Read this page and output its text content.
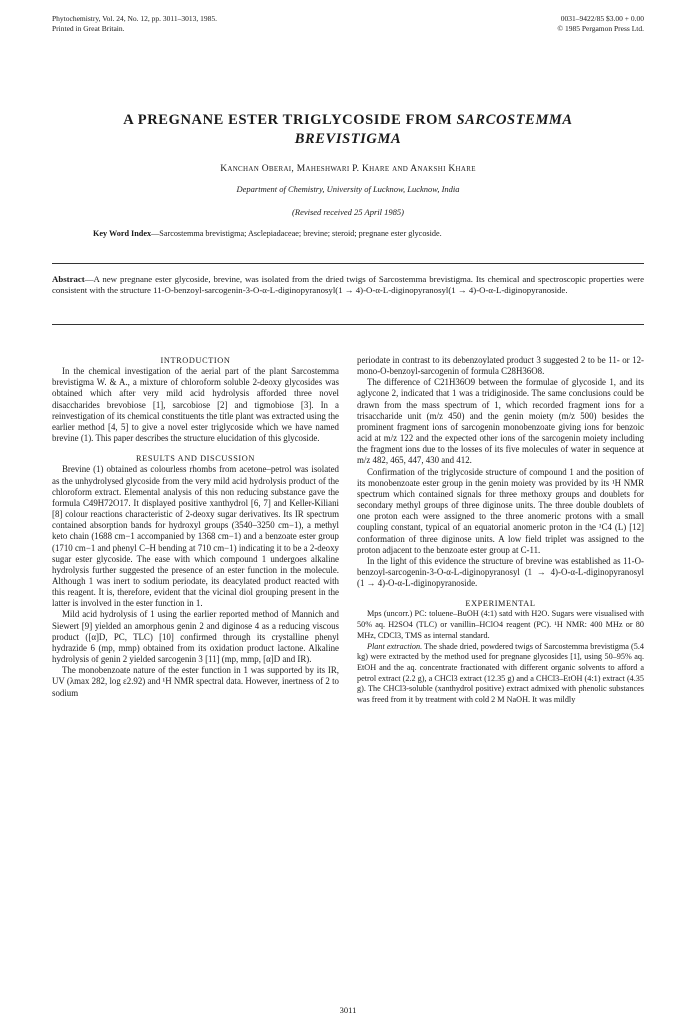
Phytochemistry, Vol. 24, No. 12, pp. 3011–3013, 1985.
Printed in Great Britain.
0031–9422/85 $3.00 + 0.00
© 1985 Pergamon Press Ltd.
A PREGNANE ESTER TRIGLYCOSIDE FROM SARCOSTEMMA
BREVISTIGMA
Kanchan Oberai, Maheshwari P. Khare and Anakshi Khare
Department of Chemistry, University of Lucknow, Lucknow, India
(Revised received 25 April 1985)
Key Word Index—Sarcostemma brevistigma; Asclepiadaceae; brevine; steroid; pregnane ester glycoside.
Abstract—A new pregnane ester glycoside, brevine, was isolated from the dried twigs of Sarcostemma brevistigma. Its chemical and spectroscopic properties were consistent with the structure 11-O-benzoyl-sarcogenin-3-O-α-L-diginopyranosyl(1 → 4)-O-α-L-diginopyranosyl(1 → 4)-O-α-L-diginopyranoside.

INTRODUCTION

In the chemical investigation of the aerial part of the plant Sarcostemma brevistigma W. & A., a mixture of chloroform soluble 2-deoxy glycosides was obtained which after very mild acid hydrolysis afforded three novel disaccharides brevobiose [1], sarcobiose [2] and tigmobiose [3]. In a reinvestigation of its chemical constituents the title plant was extracted using the earlier method [4, 5] to give a novel ester triglycoside which we have named brevine (1). This paper describes the structure elucidation of this glycoside.

RESULTS AND DISCUSSION

Brevine (1) obtained as colourless rhombs from acetone–petrol was isolated as the unhydrolysed glycoside from the very mild acid hydrolysis product of the chloroform extract. Elemental analysis of this non reducing substance gave the formula C49H72O17. It displayed positive xanthydrol [6, 7] and Keller-Kiliani [8] colour reactions characteristic of 2-deoxy sugar derivatives. Its IR spectrum contained absorption bands for hydroxyl groups (3540–3250 cm−1), a methyl keto chain (1688 cm−1 accompanied by 1368 cm−1) and a benzoate ester group (1710 cm−1 and phenyl C–H bending at 710 cm−1) indicating it to be a 2-deoxy sugar ester glycoside. The ease with which compound 1 undergoes alkaline hydrolysis further suggested the presence of an ester function in the molecule. Although 1 was inert to sodium periodate, its deacylated product reacted with this reagent. It is, therefore, evident that the vicinal diol grouping present in the latter is involved in the ester function in 1.

Mild acid hydrolysis of 1 using the earlier reported method of Mannich and Siewert [9] yielded an amorphous genin 2 and diginose 4 as a reducing viscous product ([α]D, PC, TLC) [10] confirmed through its crystalline phenyl hydrazide 6 (mp, mmp) obtained from its oxidation product lactone. Alkaline hydrolysis of genin 2 yielded sarcogenin 3 [11] (mp, mmp, [α]D and IR).

The monobenzoate nature of the ester function in 1 was supported by its IR, UV (λmax 282, log ε2.92) and ¹H NMR spectral data. However, inertness of 2 to sodium

periodate in contrast to its debenzoylated product 3 suggested 2 to be 11- or 12-mono-O-benzoyl-sarcogenin of formula C28H36O8.

The difference of C21H36O9 between the formulae of glycoside 1, and its aglycone 2, indicated that 1 was a tridiginoside. The same conclusions could be drawn from the mass spectrum of 1, which recorded fragment ions for a trisaccharide unit (m/z 450) and the genin moiety (m/z 500) besides the prominent fragment ions of sarcogenin monobenzoate giving ions for benzoic acid at m/z 122 and the expected other ions of the sarcogenin moiety including the fragment ions due to the losses of its five molecules of water in sequence at m/z 482, 465, 447, 430 and 412.

Confirmation of the triglycoside structure of compound 1 and the position of its monobenzoate ester group in the genin moiety was provided by its ¹H NMR spectrum which contained signals for three methoxy groups and doublets for secondary methyl groups of three diginose units. The three double doublets of one proton each were assigned to the three anomeric protons with a small coupling constant, typical of an equatorial anomeric proton in the ¹C4 (L) [12] conformation of three diginose units. A low field triplet was assigned to the proton adjacent to the benzoate ester group at C-11.

In the light of this evidence the structure of brevine was established as 11-O-benzoyl-sarcogenin-3-O-α-L-diginopyranosyl (1 → 4)-O-α-L-diginopyranosyl (1 → 4)-O-α-L-diginopyranoside.

EXPERIMENTAL

Mps (uncorr.) PC: toluene–BuOH (4:1) satd with H2O. Sugars were visualised with 50% aq. H2SO4 (TLC) or vanillin–HClO4 reagent (PC). ¹H NMR: 400 MHz or 80 MHz, CDCl3, TMS as internal standard.

Plant extraction. The shade dried, powdered twigs of Sarcostemma brevistigma (5.4 kg) were extracted by the method used for pregnane glycosides [1], using 50–95% aq. EtOH and the aq. concentrate fractionated with different organic solvents to afford a petrol extract (2.2 g), a CHCl3 extract (12.35 g) and a CHCl3–EtOH (4:1) extract (4.35 g). The CHCl3-soluble (xanthydrol positive) extract admixed with phenolic substances was freed from it by treatment with cold 2 M NaOH. It was mildly

3011
